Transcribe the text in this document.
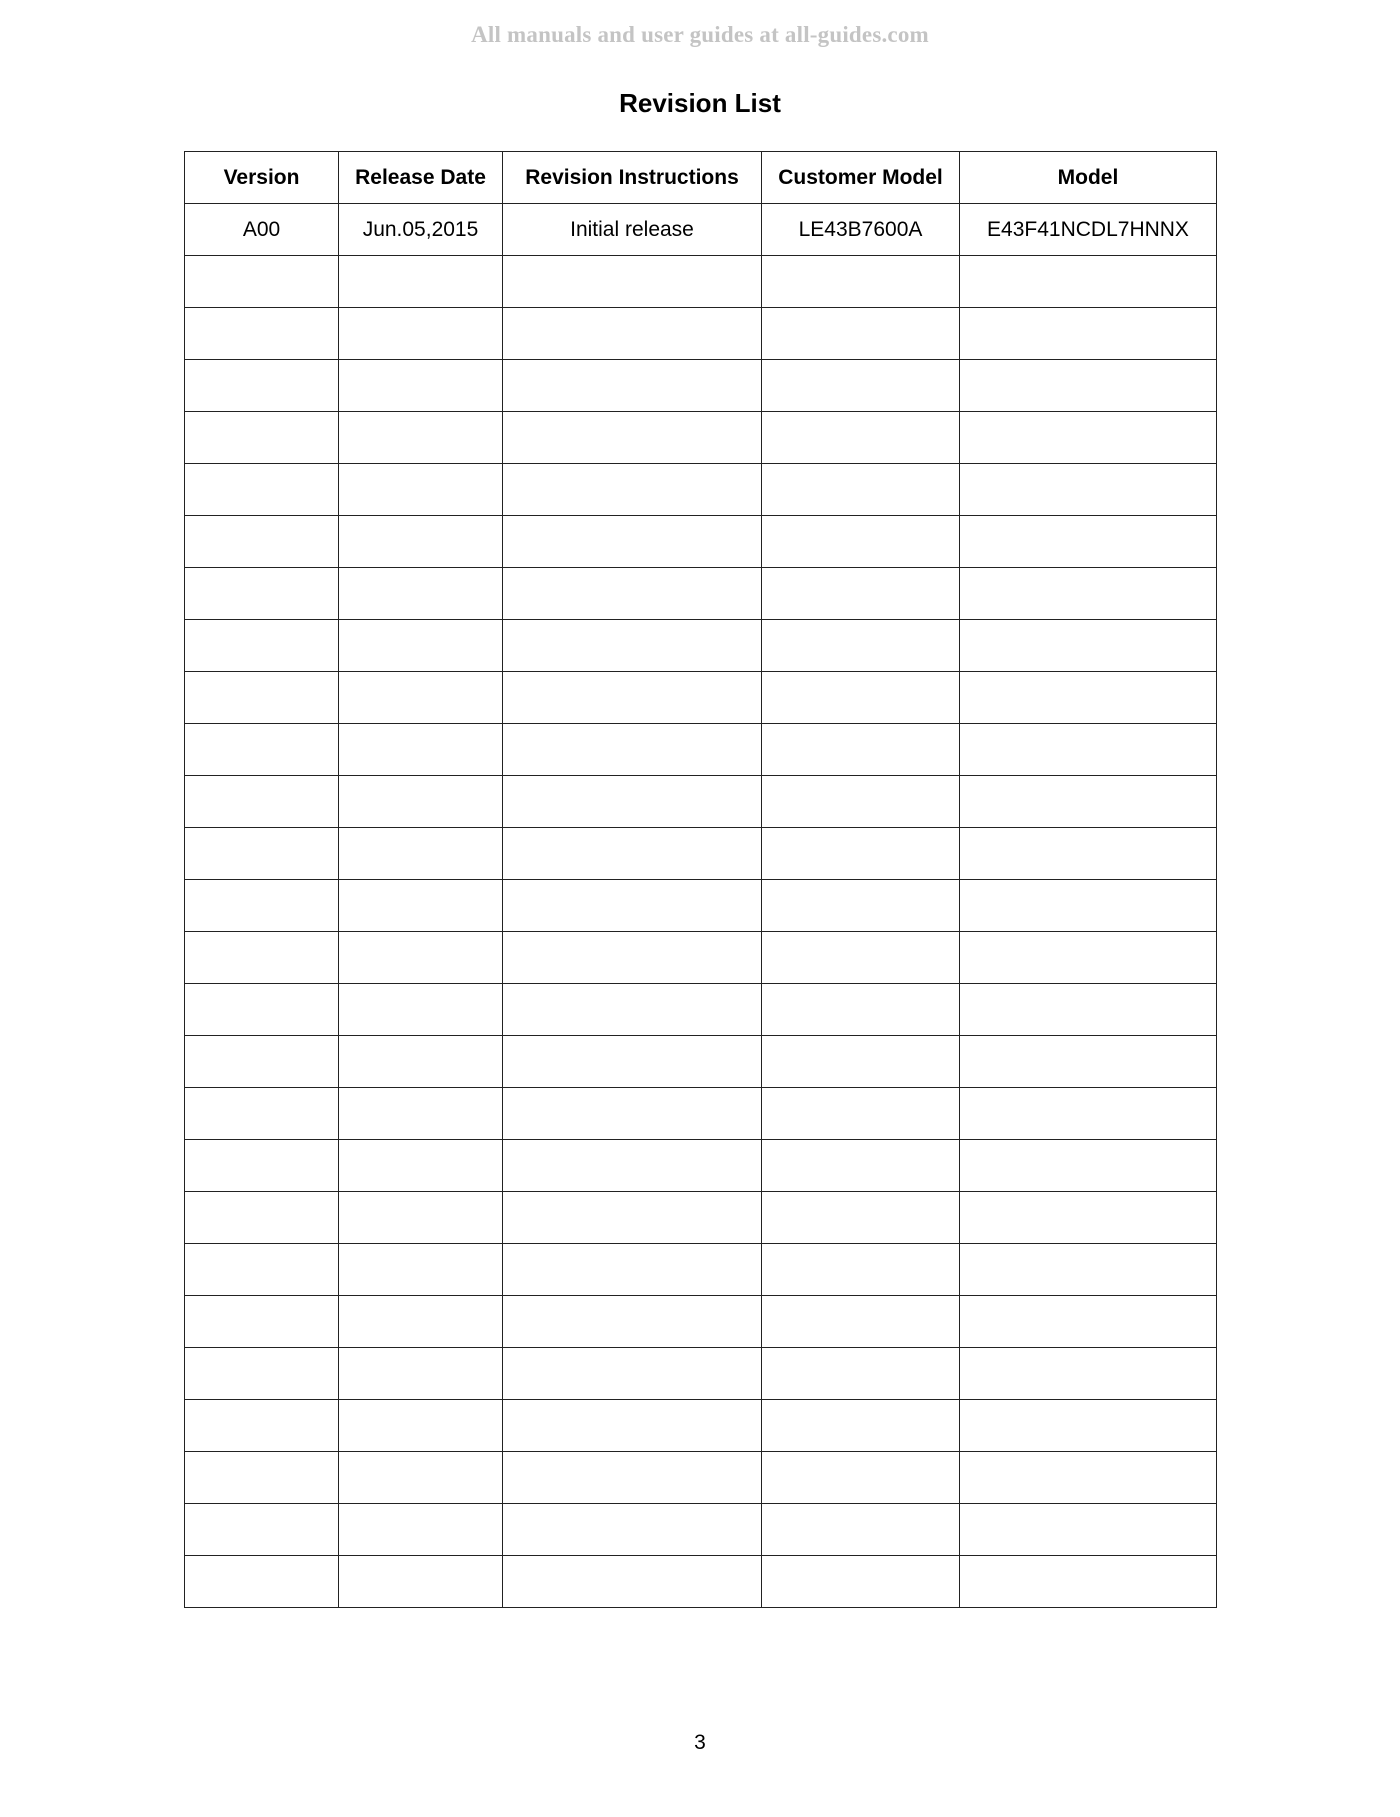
All manuals and user guides at all-guides.com
Revision List
Version	Release Date	Revision Instructions	Customer Model	Model
A00	Jun.05,2015	Initial release	LE43B7600A	E43F41NCDL7HNNX

3
